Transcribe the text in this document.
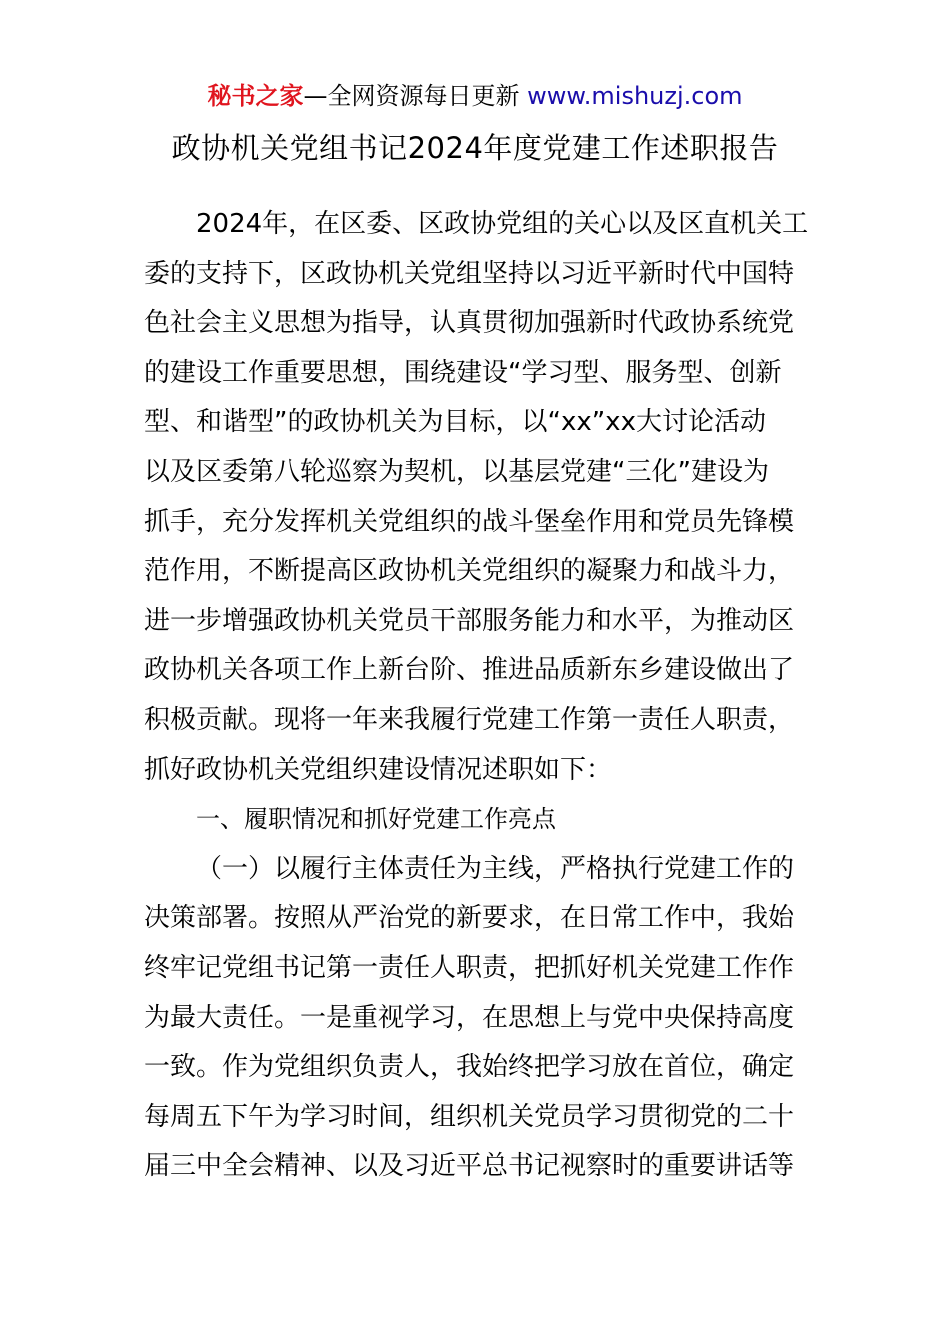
秘书之家—全网资源每日更新 www.mishuzj.com
政协机关党组书记2024年度党建工作述职报告
2024年，在区委、区政协党组的关心以及区直机关工
委的支持下，区政协机关党组坚持以习近平新时代中国特
色社会主义思想为指导，认真贯彻加强新时代政协系统党
的建设工作重要思想，围绕建设“学习型、服务型、创新
型、和谐型”的政协机关为目标，以“xx”xx大讨论活动
以及区委第八轮巡察为契机，以基层党建“三化”建设为
抓手，充分发挥机关党组织的战斗堡垒作用和党员先锋模
范作用，不断提高区政协机关党组织的凝聚力和战斗力，
进一步增强政协机关党员干部服务能力和水平，为推动区
政协机关各项工作上新台阶、推进品质新东乡建设做出了
积极贡献。现将一年来我履行党建工作第一责任人职责，
抓好政协机关党组织建设情况述职如下：
一、履职情况和抓好党建工作亮点
（一）以履行主体责任为主线，严格执行党建工作的
决策部署。按照从严治党的新要求，在日常工作中，我始
终牢记党组书记第一责任人职责，把抓好机关党建工作作
为最大责任。一是重视学习，在思想上与党中央保持高度
一致。作为党组织负责人，我始终把学习放在首位，确定
每周五下午为学习时间，组织机关党员学习贯彻党的二十
届三中全会精神、以及习近平总书记视察时的重要讲话等
